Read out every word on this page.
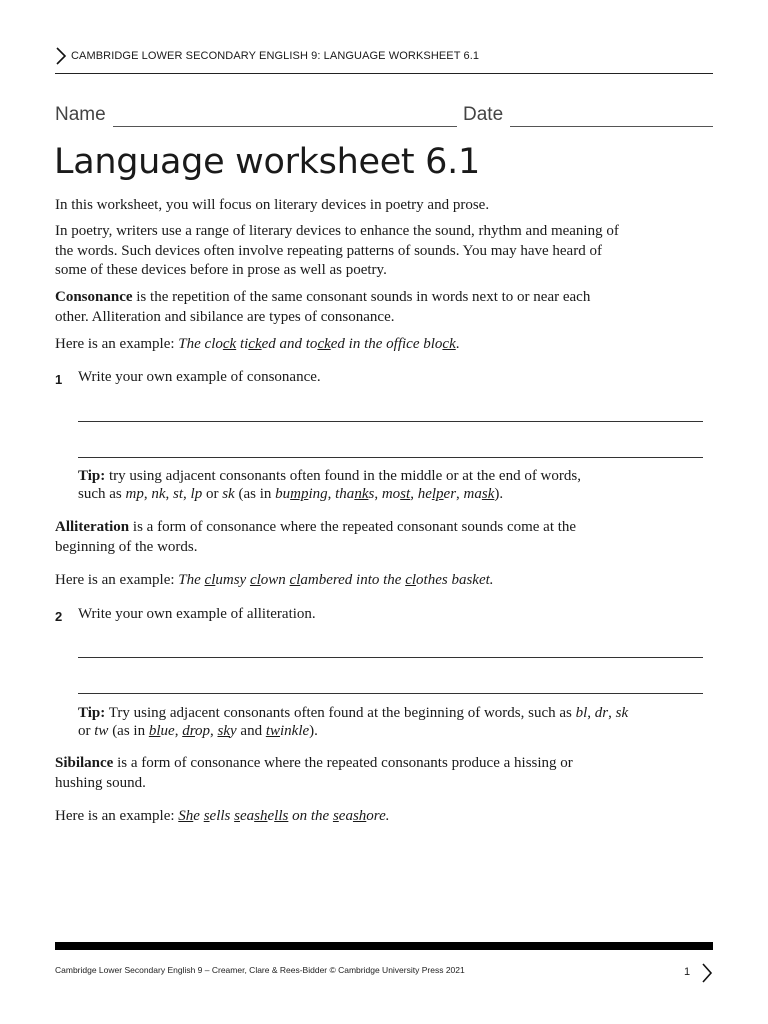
CAMBRIDGE LOWER SECONDARY ENGLISH 9: LANGUAGE WORKSHEET 6.1
Name	Date
Language worksheet 6.1
In this worksheet, you will focus on literary devices in poetry and prose.
In poetry, writers use a range of literary devices to enhance the sound, rhythm and meaning of
the words. Such devices often involve repeating patterns of sounds. You may have heard of
some of these devices before in prose as well as poetry.
Consonance is the repetition of the same consonant sounds in words next to or near each
other. Alliteration and sibilance are types of consonance.
Here is an example: The clock ticked and tocked in the office block.
1 Write your own example of consonance.
Tip: try using adjacent consonants often found in the middle or at the end of words,
such as mp, nk, st, lp or sk (as in bumping, thanks, most, helper, mask).
Alliteration is a form of consonance where the repeated consonant sounds come at the
beginning of the words.
Here is an example: The clumsy clown clambered into the clothes basket.
2 Write your own example of alliteration.
Tip: Try using adjacent consonants often found at the beginning of words, such as bl, dr, sk
or tw (as in blue, drop, sky and twinkle).
Sibilance is a form of consonance where the repeated consonants produce a hissing or
hushing sound.
Here is an example: She sells seashells on the seashore.
Cambridge Lower Secondary English 9 – Creamer, Clare & Rees-Bidder © Cambridge University Press 2021	1
